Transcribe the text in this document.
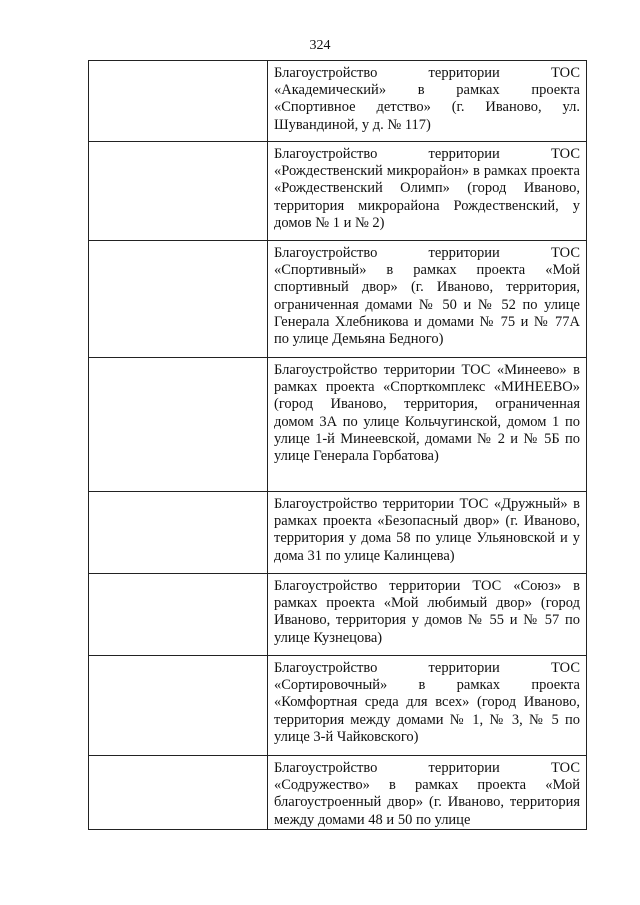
324
	Благоустройство территории ТОС «Академический» в рамках проекта «Спортивное детство» (г. Иваново, ул. Шувандиной, у д. № 117)
	Благоустройство территории ТОС «Рождественский микрорайон» в рамках проекта «Рождественский Олимп» (город Иваново, территория микрорайона Рождественский, у домов № 1 и № 2)
	Благоустройство территории ТОС «Спортивный» в рамках проекта «Мой спортивный двор» (г. Иваново, территория, ограниченная домами № 50 и № 52 по улице Генерала Хлебникова и домами № 75 и № 77А по улице Демьяна Бедного)
	Благоустройство территории ТОС «Минеево» в рамках проекта «Спорткомплекс «МИНЕЕВО» (город Иваново, территория, ограниченная домом 3А по улице Кольчугинской, домом 1 по улице 1-й Минеевской, домами № 2 и № 5Б по улице Генерала Горбатова)
	Благоустройство территории ТОС «Дружный» в рамках проекта «Безопасный двор» (г. Иваново, территория у дома 58 по улице Ульяновской и у дома 31 по улице Калинцева)
	Благоустройство территории ТОС «Союз» в рамках проекта «Мой любимый двор» (город Иваново, территория у домов № 55 и № 57 по улице Кузнецова)
	Благоустройство территории ТОС «Сортировочный» в рамках проекта «Комфортная среда для всех» (город Иваново, территория между домами № 1, № 3, № 5 по улице 3-й Чайковского)
	Благоустройство территории ТОС «Содружество» в рамках проекта «Мой благоустроенный двор» (г. Иваново, территория между домами 48 и 50 по улице
